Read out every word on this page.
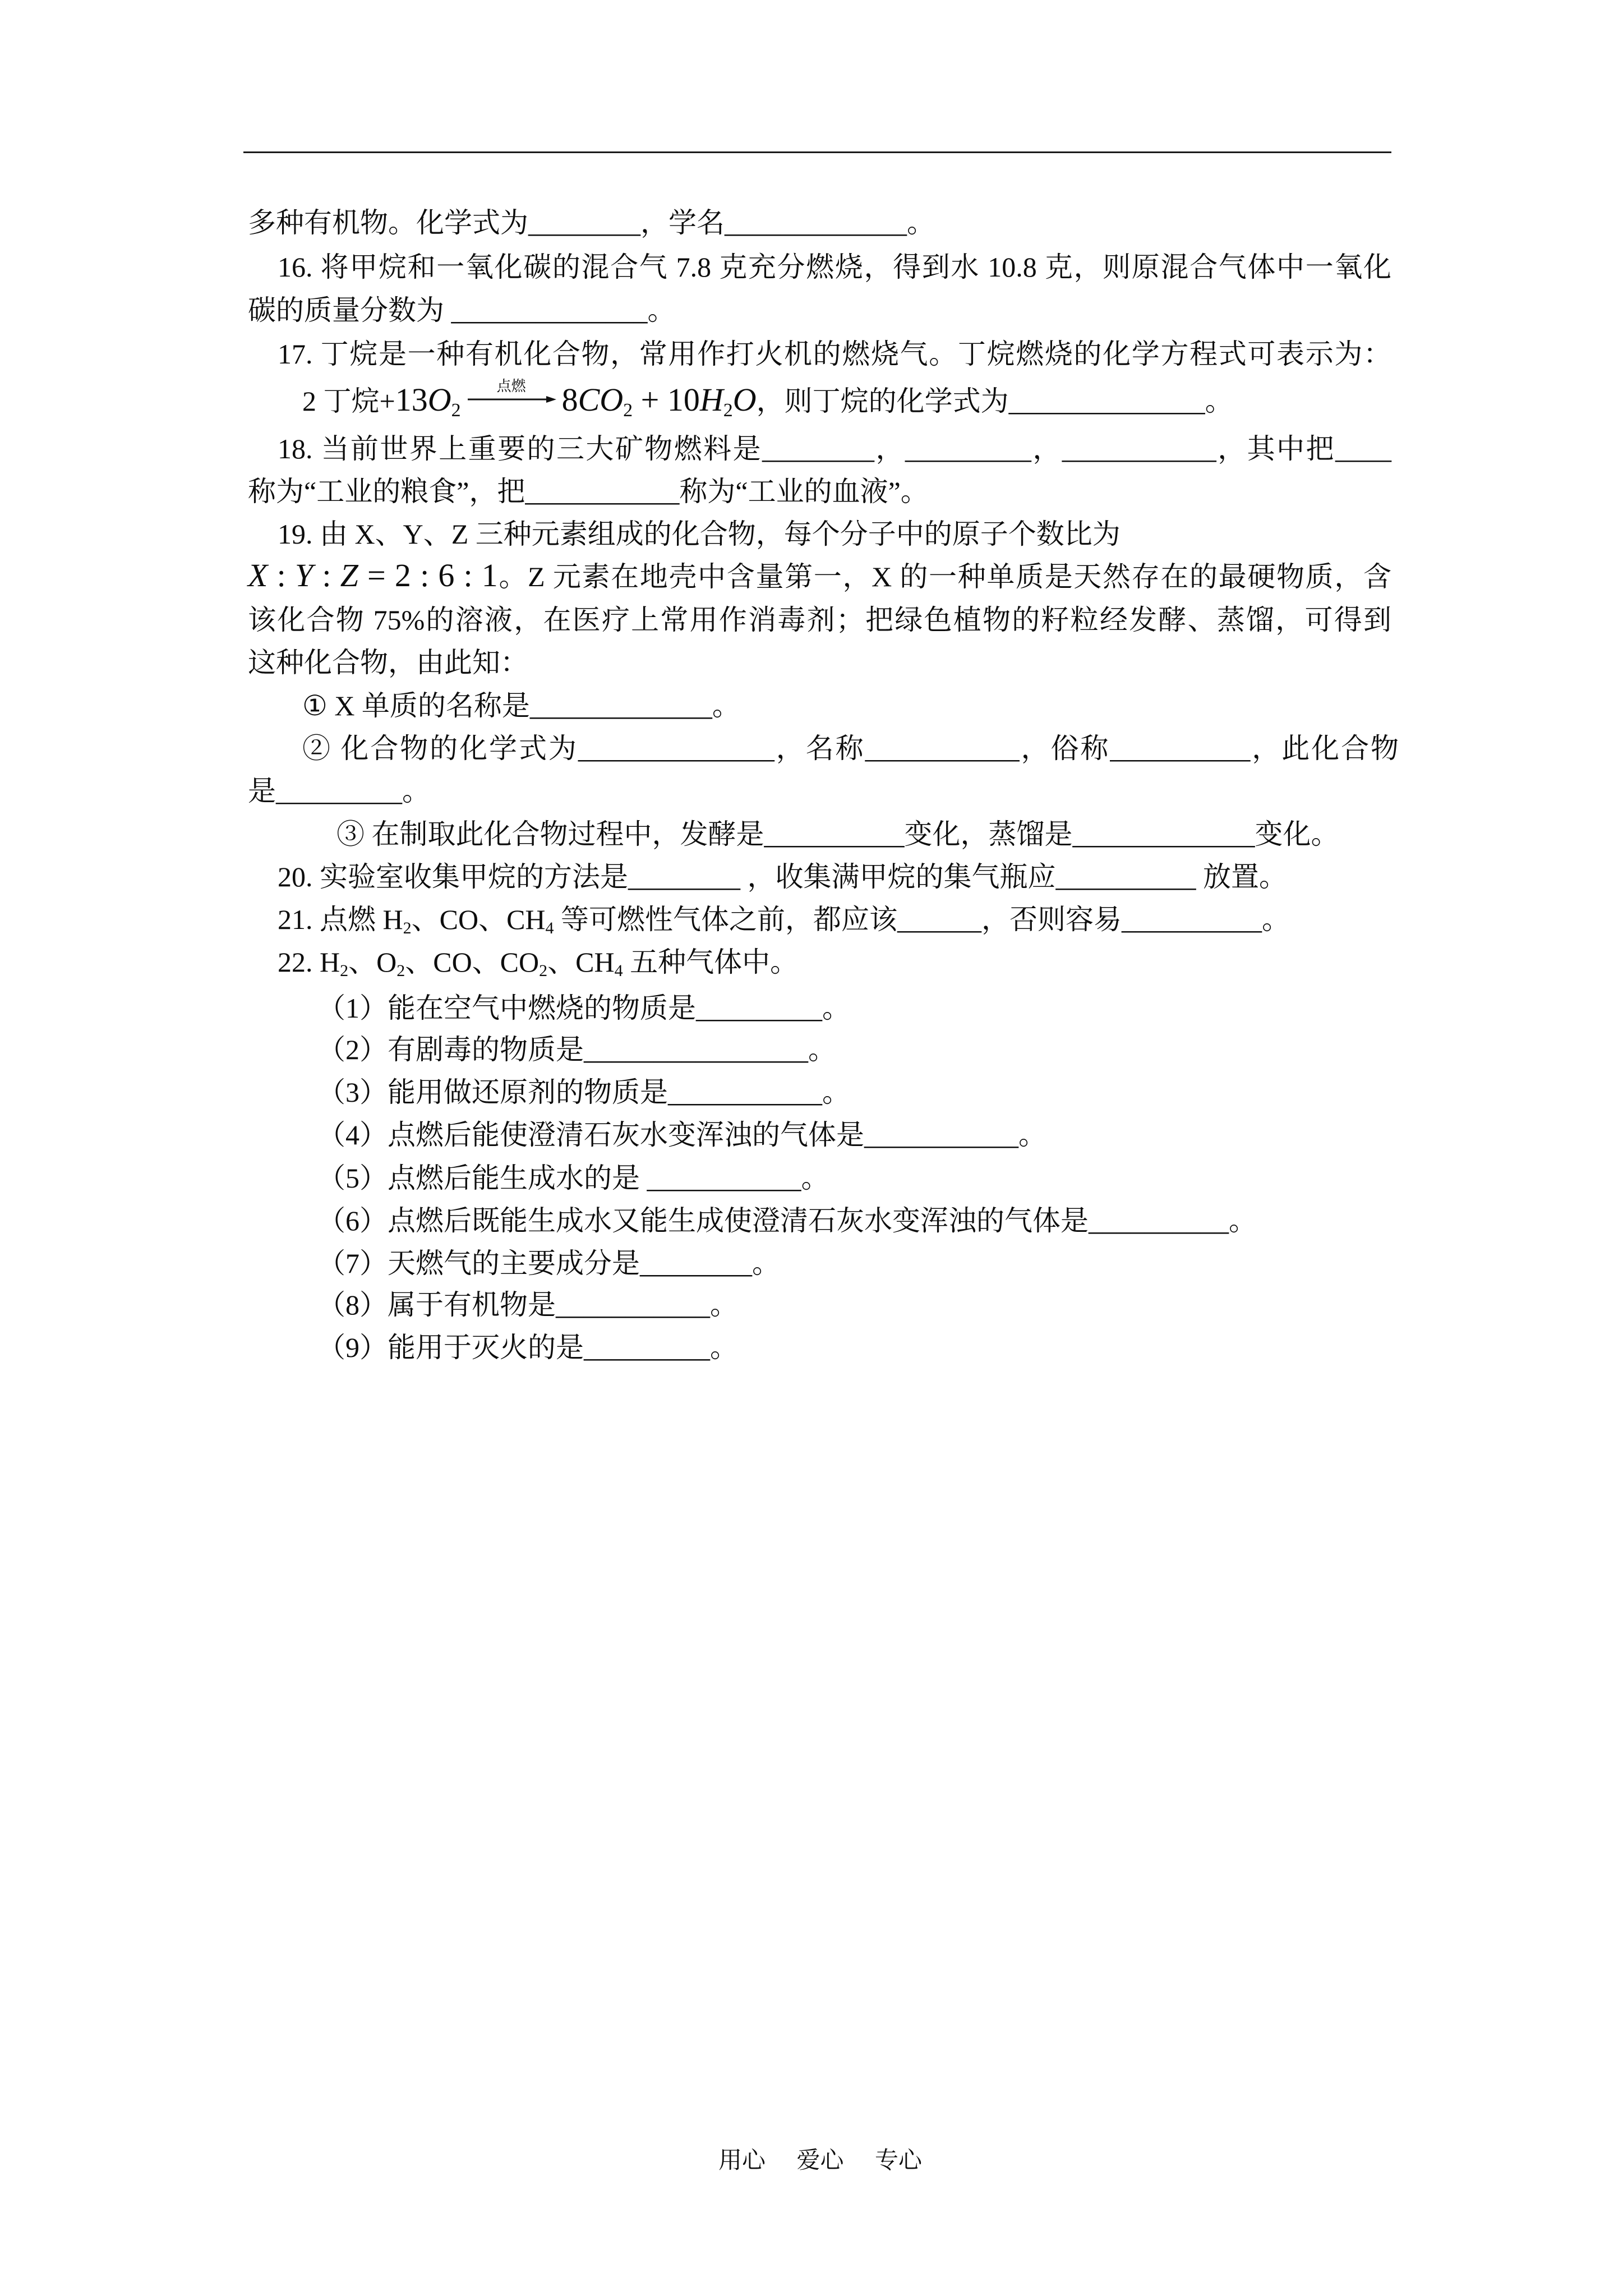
多种有机物。化学式为________，学名_____________。
16. 将甲烷和一氧化碳的混合气 7.8 克充分燃烧，得到水 10.8 克，则原混合气体中一氧化
碳的质量分数为 ______________。
17. 丁烷是一种有机化合物，常用作打火机的燃烧气。丁烷燃烧的化学方程式可表示为：
2 丁烷$+13O_2$
点燃	$8CO_2 + 10H_2O$，则丁烷的化学式为______________。
18. 当前世界上重要的三大矿物燃料是________，_________，___________，其中把____
称为“工业的粮食”，把___________称为“工业的血液”。
19. 由 X、Y、Z 三种元素组成的化合物，每个分子中的原子个数比为
X : Y : Z = 2 : 6 : 1。Z 元素在地壳中含量第一，X 的一种单质是天然存在的最硬物质，含
该化合物 75%的溶液，在医疗上常用作消毒剂；把绿色植物的籽粒经发酵、蒸馏，可得到
这种化合物，由此知：
① X 单质的名称是_____________。
② 化合物的化学式为______________，名称___________，俗称__________，此化合物
是_________。
③ 在制取此化合物过程中，发酵是__________变化，蒸馏是_____________变化。
20. 实验室收集甲烷的方法是________ ，收集满甲烷的集气瓶应__________ 放置。
21. 点燃 $H_2$、CO、$CH_4$ 等可燃性气体之前，都应该______，否则容易__________。
22. $H_2$、$O_2$、CO、$CO_2$、$CH_4$ 五种气体中。
（1）能在空气中燃烧的物质是_________。
（2）有剧毒的物质是________________。
（3）能用做还原剂的物质是___________。
（4）点燃后能使澄清石灰水变浑浊的气体是___________。
（5）点燃后能生成水的是 ___________。
（6）点燃后既能生成水又能生成使澄清石灰水变浑浊的气体是__________。
（7）天燃气的主要成分是________。
（8）属于有机物是___________。
（9）能用于灭火的是_________。
用心   爱心   专心
